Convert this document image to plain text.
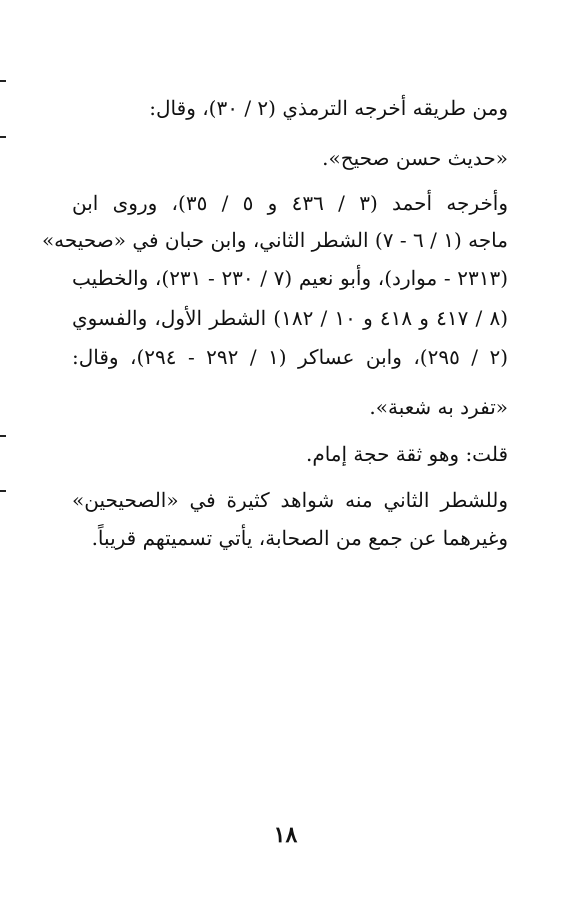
ومن طريقه أخرجه الترمذي (٢ / ٣٠)، وقال:
«حديث حسن صحيح».
وأخرجه أحمد (٣ / ٤٣٦ و ٥ / ٣٥)، وروى ابن
ماجه (١ / ٦ - ٧) الشطر الثاني، وابن حبان في «صحيحه»
(٢٣١٣ - موارد)، وأبو نعيم (٧ / ٢٣٠ - ٢٣١)، والخطيب
(٨ / ٤١٧ و ٤١٨ و ١٠ / ١٨٢) الشطر الأول، والفسوي
(٢ / ٢٩٥)، وابن عساكر (١ / ٢٩٢ - ٢٩٤)، وقال:
«تفرد به شعبة».
قلت: وهو ثقة حجة إمام.
وللشطر الثاني منه شواهد كثيرة في «الصحيحين»
وغيرهما عن جمع من الصحابة، يأتي تسميتهم قريباً.
١٨
